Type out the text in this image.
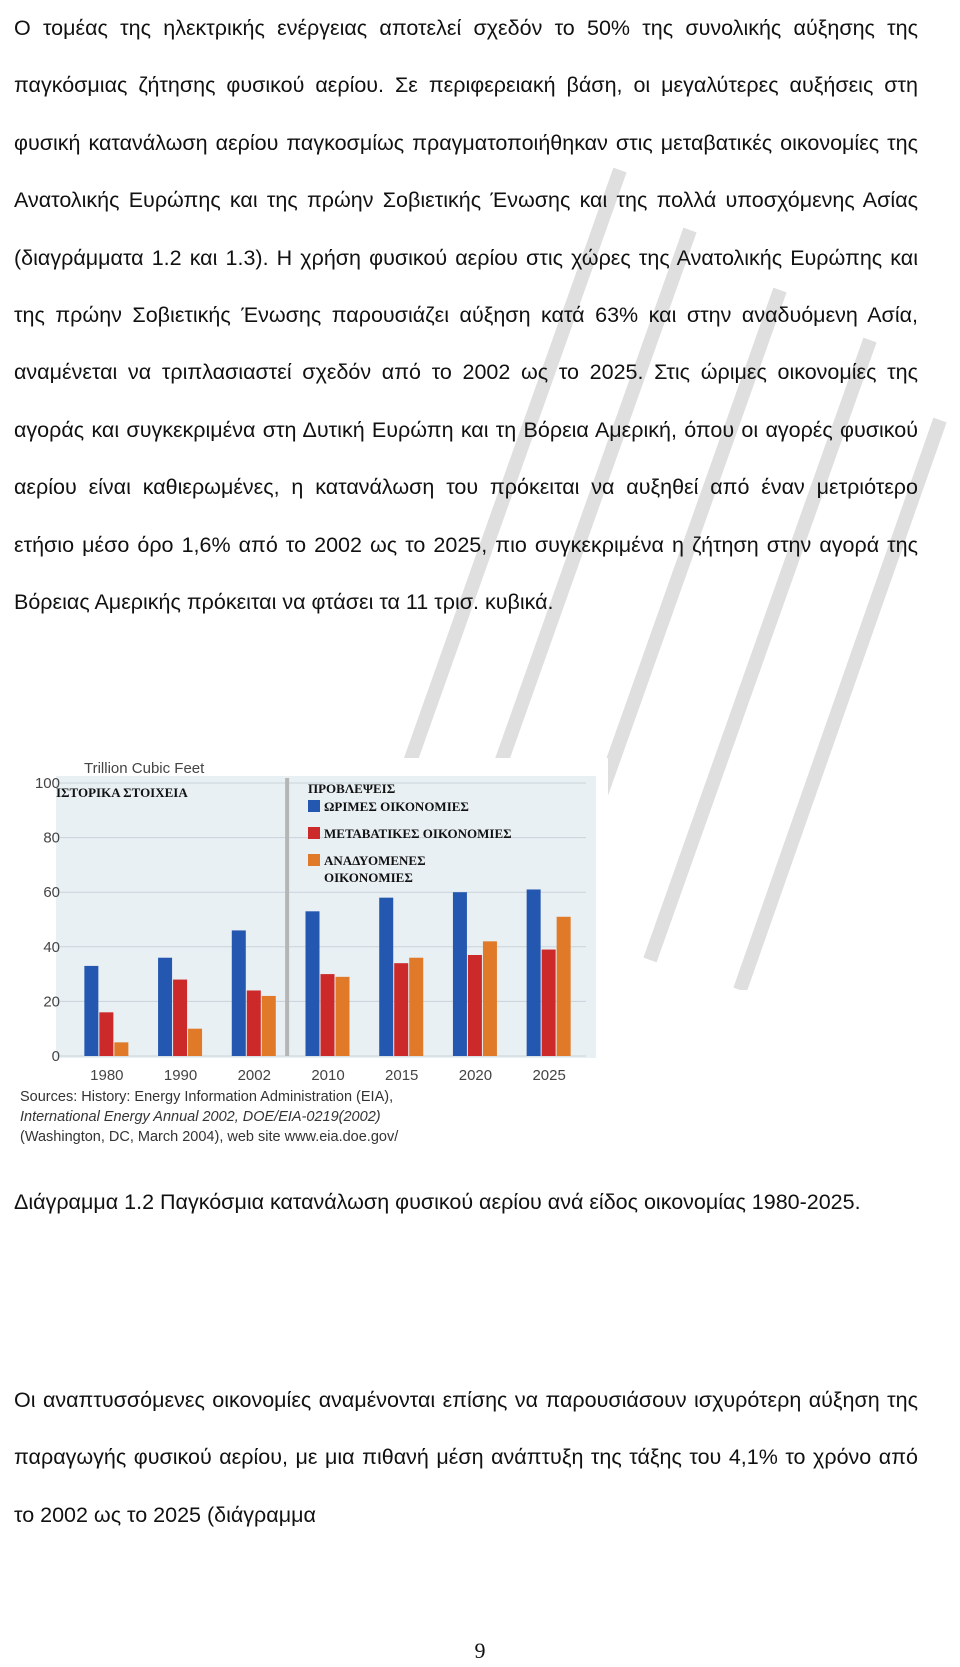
Ο τομέας της ηλεκτρικής ενέργειας αποτελεί σχεδόν το 50% της συνολικής αύξησης της παγκόσμιας ζήτησης φυσικού αερίου. Σε περιφερειακή βάση, οι μεγαλύτερες αυξήσεις στη φυσική κατανάλωση αερίου παγκοσμίως πραγματοποιήθηκαν στις μεταβατικές οικονομίες της Ανατολικής Ευρώπης και της πρώην Σοβιετικής Ένωσης και της πολλά υποσχόμενης Ασίας (διαγράμματα 1.2 και 1.3). Η χρήση φυσικού αερίου στις χώρες της Ανατολικής Ευρώπης και της πρώην Σοβιετικής Ένωσης παρουσιάζει αύξηση κατά 63% και στην αναδυόμενη Ασία, αναμένεται να τριπλασιαστεί σχεδόν από το 2002 ως το 2025. Στις ώριμες οικονομίες της αγοράς και συγκεκριμένα στη Δυτική Ευρώπη και τη Βόρεια Αμερική, όπου οι αγορές φυσικού αερίου είναι καθιερωμένες, η κατανάλωση του πρόκειται να αυξηθεί από έναν μετριότερο ετήσιο μέσο όρο 1,6% από το 2002 ως το 2025, πιο συγκεκριμένα η ζήτηση στην αγορά της Βόρειας Αμερικής πρόκειται να φτάσει τα 11 τρισ. κυβικά.

0
20
40
60
80
100
1980	1990	2002	2010	2015	2020	2025
Trillion Cubic Feet
ΙΣΤΟΡΙΚΑ ΣΤΟΙΧΕΙΑ	ΠΡΟΒΛΕΨΕΙΣ
ΩΡΙΜΕΣ ΟΙΚΟΝΟΜΙΕΣ
ΜΕΤΑΒΑΤΙΚΕΣ ΟΙΚΟΝΟΜΙΕΣ
ΑΝΑΔΥΟΜΕΝΕΣ ΟΙΚΟΝΟΜΙΕΣ
Sources: History: Energy Information Administration (EIA),
International Energy Annual 2002, DOE/EIA-0219(2002)
(Washington, DC, March 2004), web site www.eia.doe.gov/

Διάγραμμα 1.2 Παγκόσμια κατανάλωση φυσικού αερίου ανά είδος οικονομίας 1980-2025.

Οι αναπτυσσόμενες οικονομίες αναμένονται επίσης να παρουσιάσουν ισχυρότερη αύξηση της παραγωγής φυσικού αερίου, με μια πιθανή μέση ανάπτυξη της τάξης του 4,1% το χρόνο από το 2002 ως το 2025 (διάγραμμα

9
